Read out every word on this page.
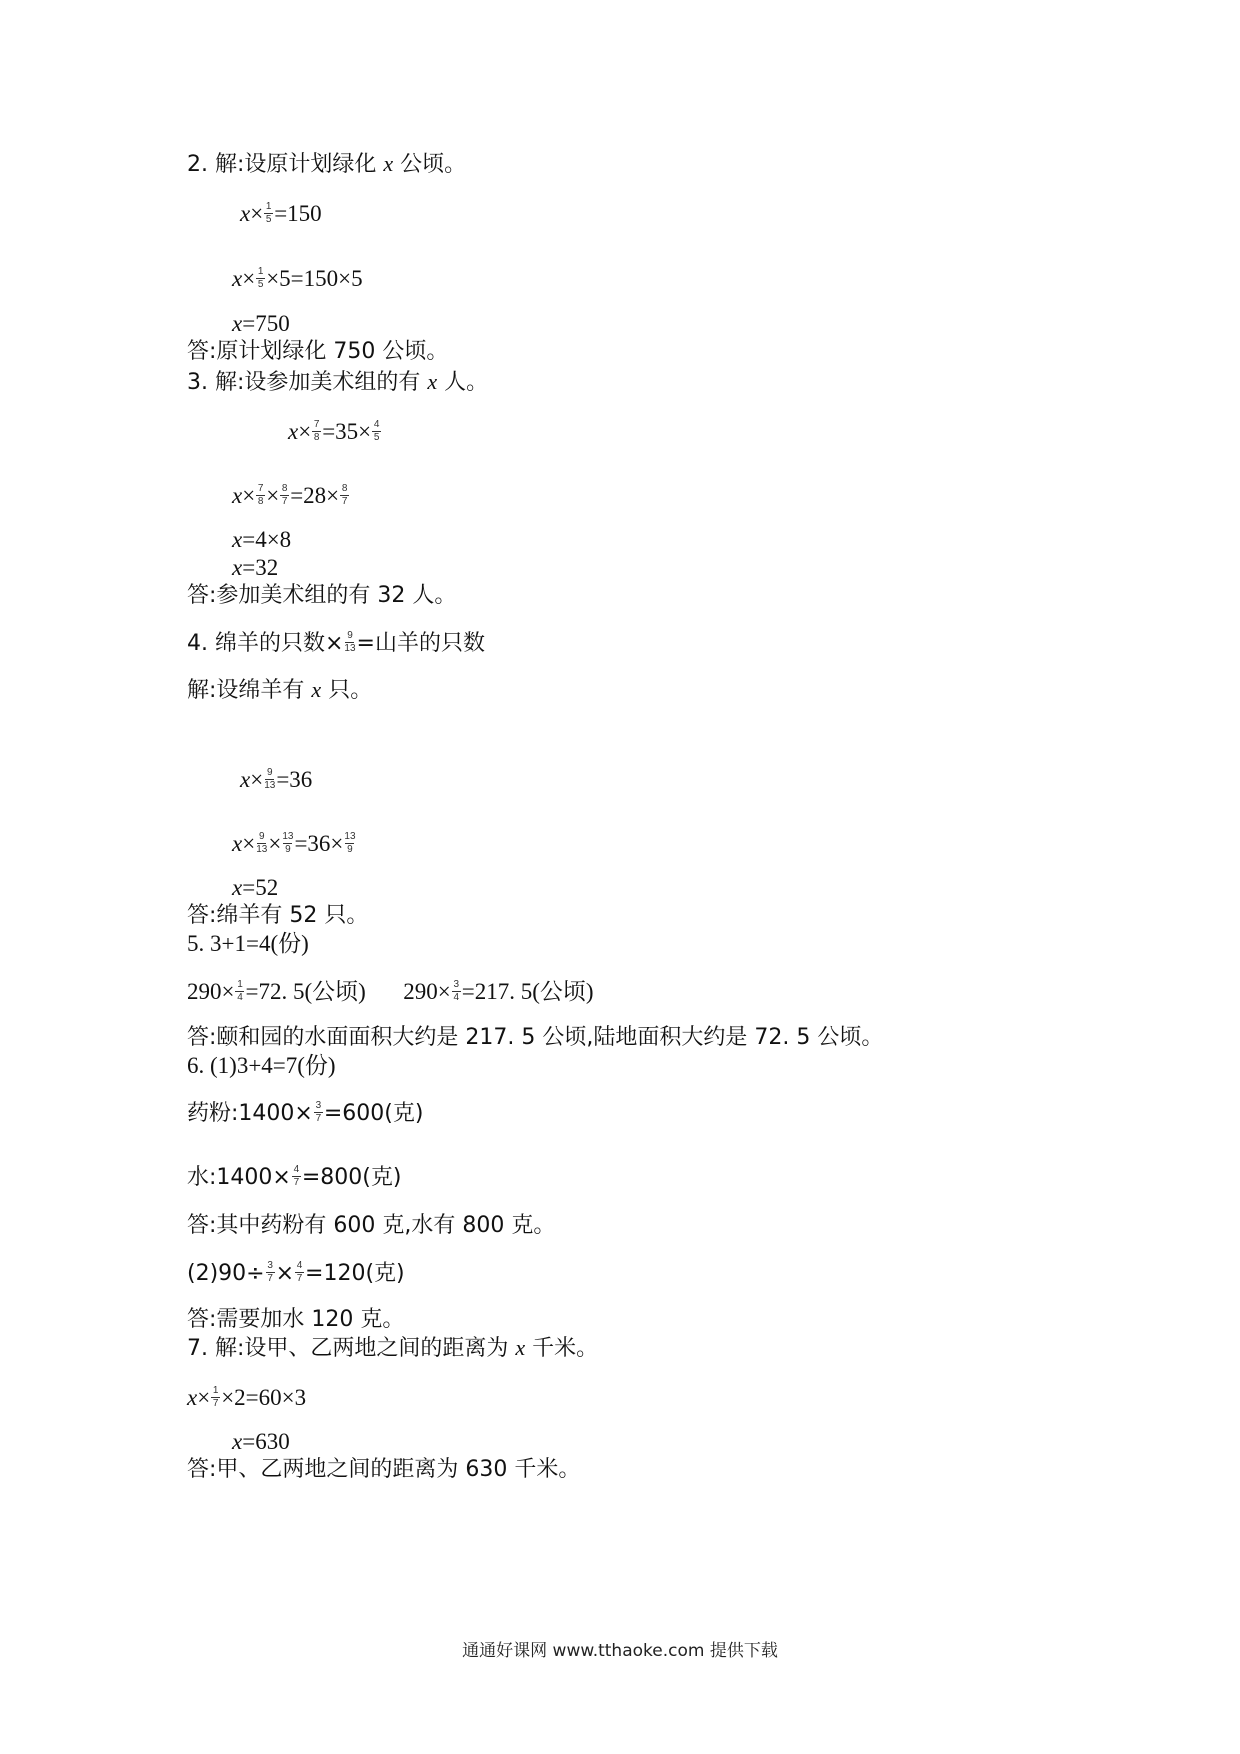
2. 解:设原计划绿化 x 公顷。
$x\times \frac{1}{5} =150$
$x\times \frac{1}{5} \times 5=150\times 5$
x=750
答:原计划绿化 750 公顷。
3. 解:设参加美术组的有 x 人。
$x\times \frac{7}{8} =35\times \frac{4}{5}$
$x\times \frac{7}{8} \times \frac{8}{7} =28\times \frac{8}{7}$
x=4×8
x=32
答:参加美术组的有 32 人。
4. 绵羊的只数× $\frac{9}{13}$ =山羊的只数
解:设绵羊有 x 只。
$x\times \frac{9}{13} =36$
$x\times \frac{9}{13} \times \frac{13}{9} =36\times \frac{13}{9}$
x=52
答:绵羊有 52 只。
5. 3+1=4(份)
$290\times \frac{1}{4} =72$. 5(公顷) $290\times \frac{3}{4} =217$. 5(公顷)
答:颐和园的水面面积大约是 217. 5 公顷,陆地面积大约是 72. 5 公顷。
6. (1)3+4=7(份)
药粉:1400× $\frac{3}{7} =600$(克)
水:1400× $\frac{4}{7} =800$(克)
答:其中药粉有 600 克,水有 800 克。
$(2)90\div \frac{3}{7} \times \frac{4}{7} =120$(克)
答:需要加水 120 克。
7. 解:设甲、乙两地之间的距离为 x 千米。
$x\times \frac{1}{7} \times 2=60\times 3$
x=630
答:甲、乙两地之间的距离为 630 千米。
通通好课网 www.tthaoke.com 提供下载
